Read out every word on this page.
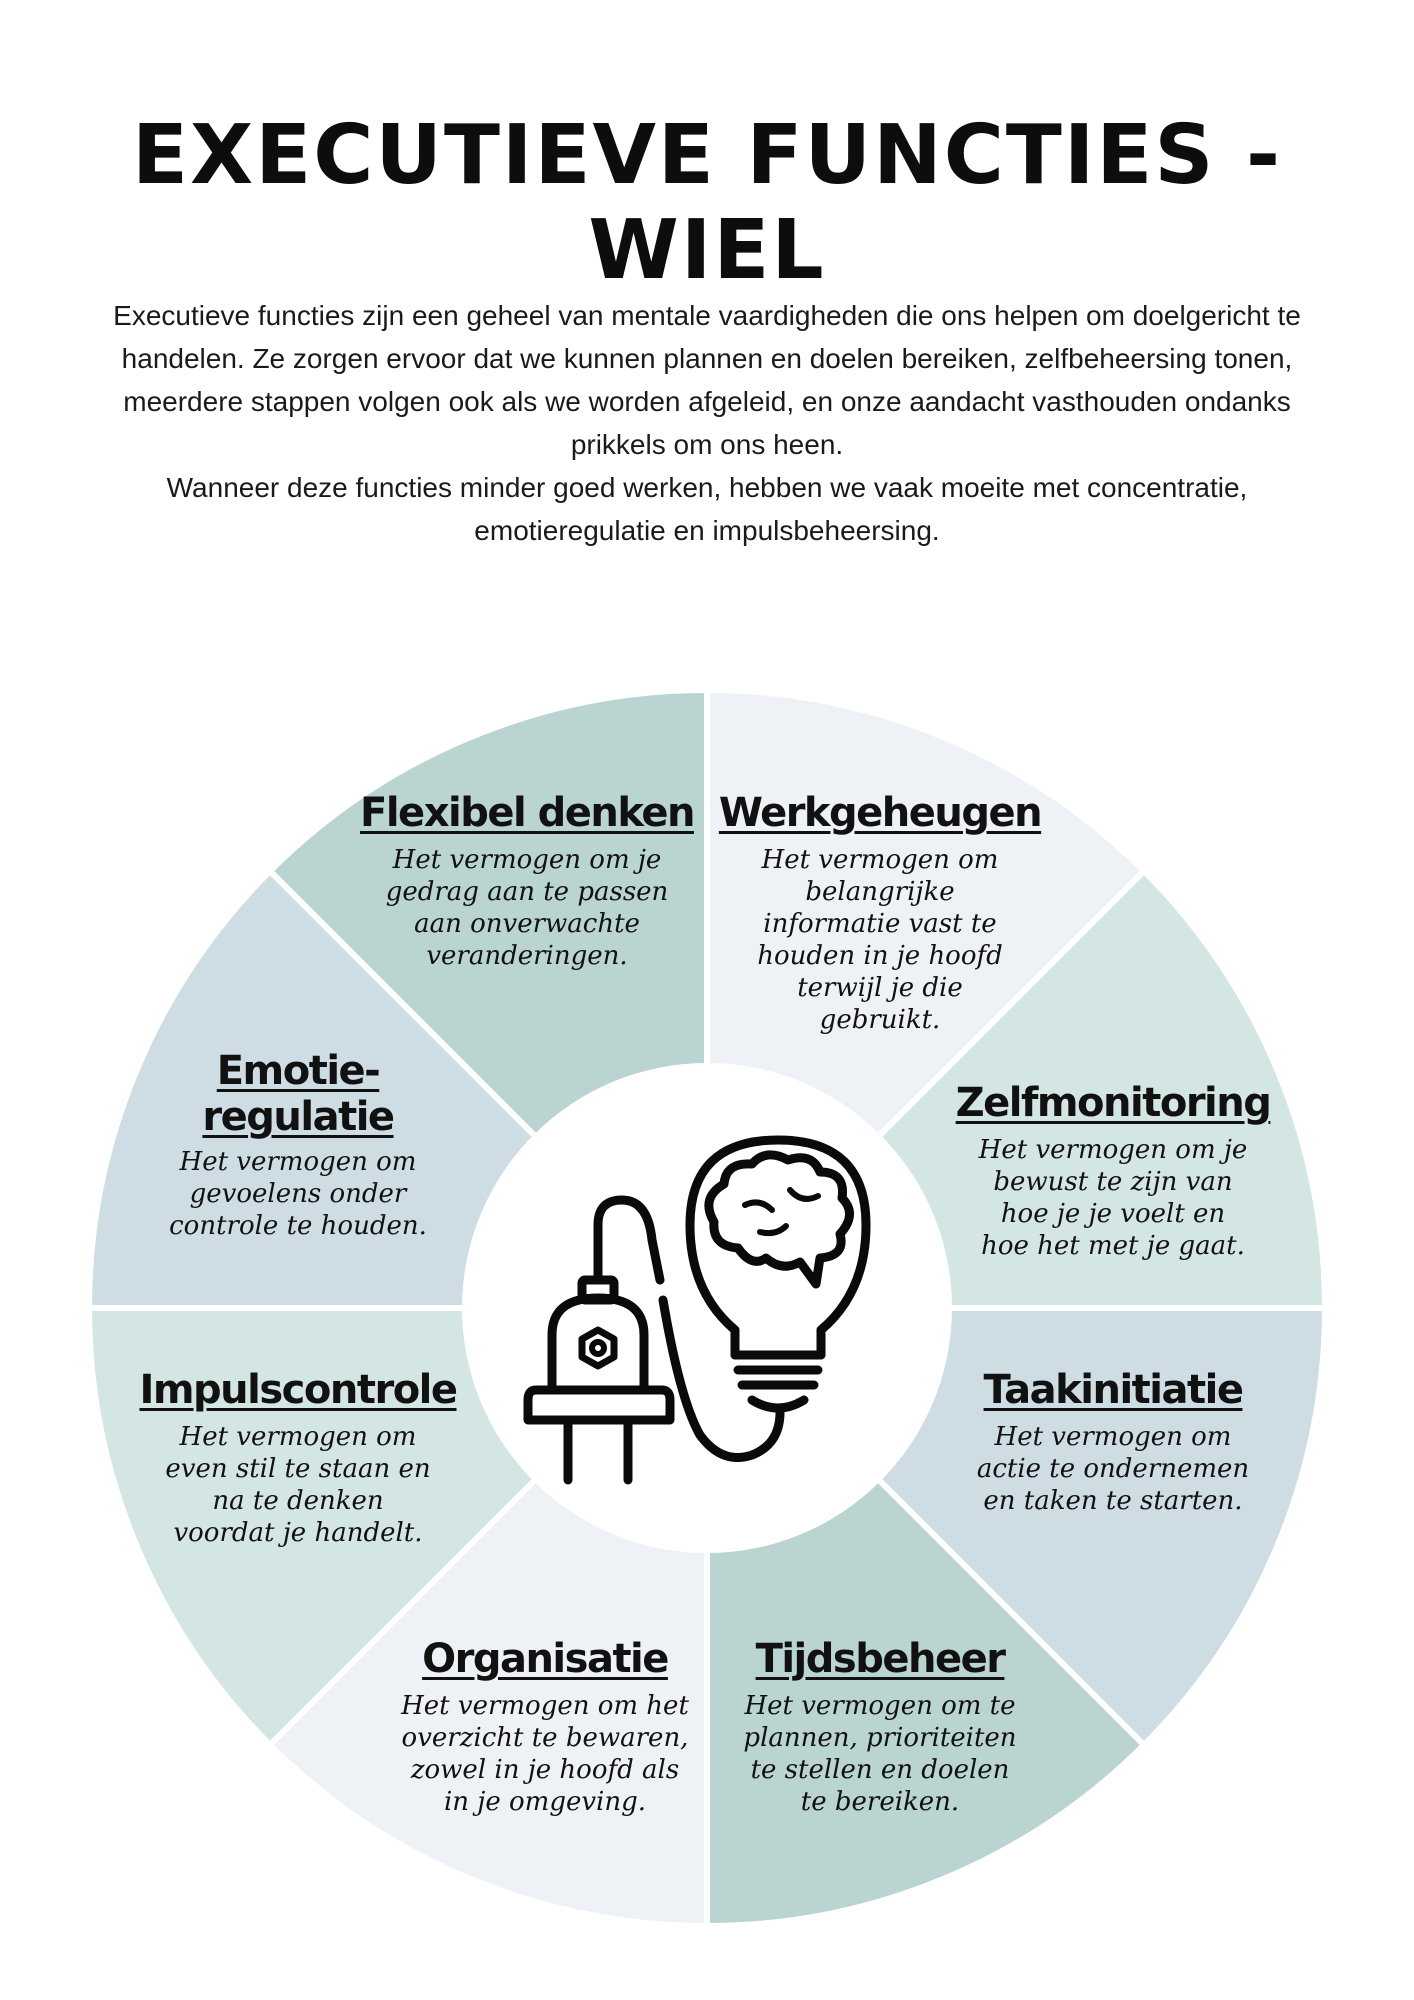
EXECUTIEVE FUNCTIES - WIEL

Executieve functies zijn een geheel van mentale vaardigheden die ons helpen om doelgericht te handelen. Ze zorgen ervoor dat we kunnen plannen en doelen bereiken, zelfbeheersing tonen, meerdere stappen volgen ook als we worden afgeleid, en onze aandacht vasthouden ondanks prikkels om ons heen.

Wanneer deze functies minder goed werken, hebben we vaak moeite met concentratie, emotieregulatie en impulsbeheersing.

Werkgeheugen
Het vermogen om belangrijke informatie vast te houden in je hoofd terwijl je die gebruikt.
Zelfmonitoring
Het vermogen om je bewust te zijn van hoe je je voelt en hoe het met je gaat.
Taakinitiatie
Het vermogen om actie te ondernemen en taken te starten.
Tijdsbeheer
Het vermogen om te plannen, prioriteiten te stellen en doelen te bereiken.
Organisatie
Het vermogen om het overzicht te bewaren, zowel in je hoofd als in je omgeving.
Impulscontrole
Het vermogen om even stil te staan en na te denken voordat je handelt.
Emotie-
regulatie
Het vermogen om gevoelens onder controle te houden.
Flexibel denken
Het vermogen om je gedrag aan te passen aan onverwachte veranderingen.
